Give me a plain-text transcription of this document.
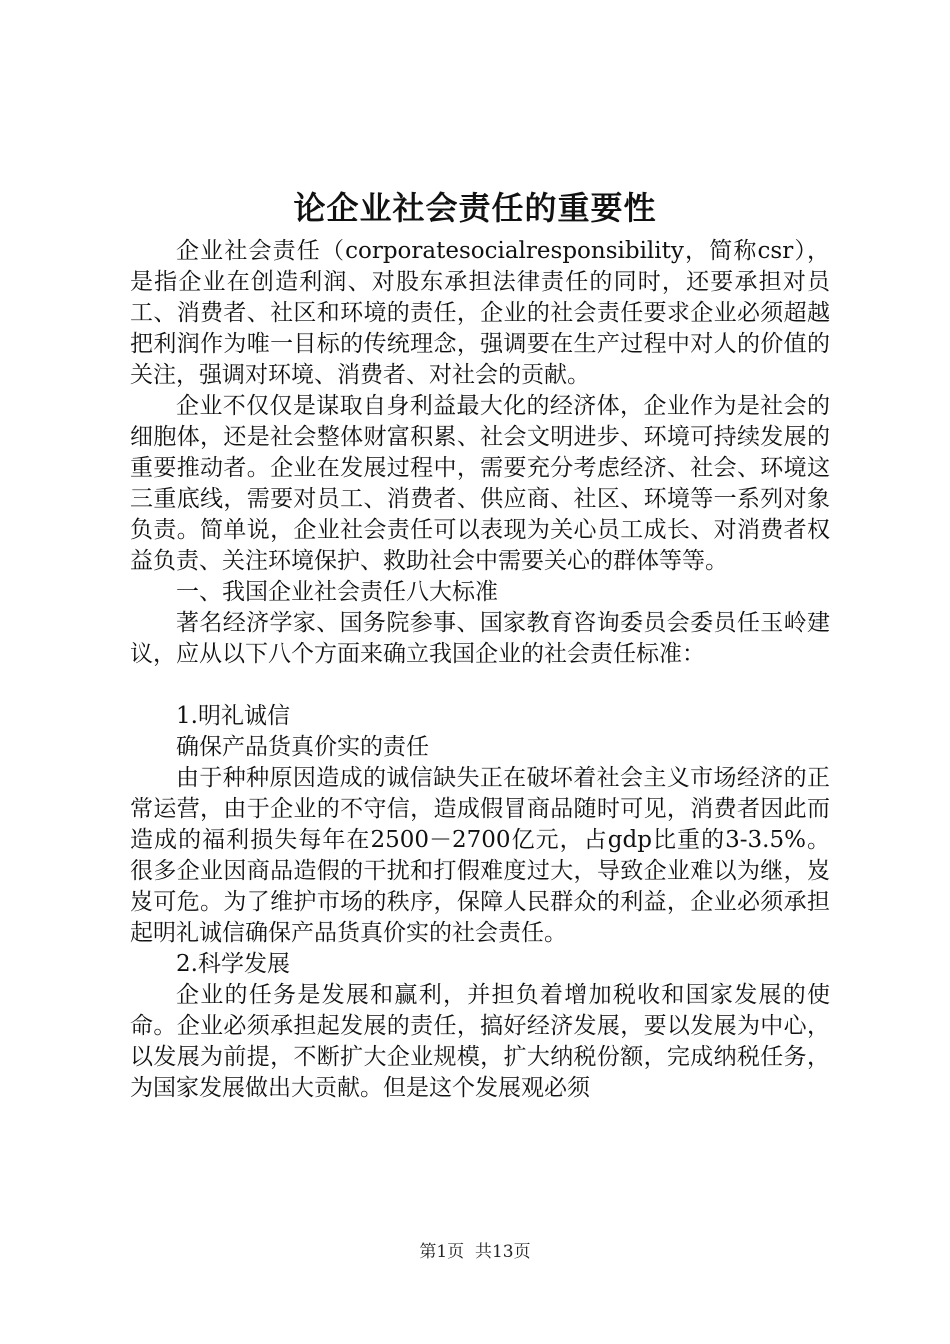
论企业社会责任的重要性

企业社会责任（corporatesocialresponsibility，简称csr），是指企业在创造利润、对股东承担法律责任的同时，还要承担对员工、消费者、社区和环境的责任，企业的社会责任要求企业必须超越把利润作为唯一目标的传统理念，强调要在生产过程中对人的价值的关注，强调对环境、消费者、对社会的贡献。

企业不仅仅是谋取自身利益最大化的经济体，企业作为是社会的细胞体，还是社会整体财富积累、社会文明进步、环境可持续发展的重要推动者。企业在发展过程中，需要充分考虑经济、社会、环境这三重底线，需要对员工、消费者、供应商、社区、环境等一系列对象负责。简单说，企业社会责任可以表现为关心员工成长、对消费者权益负责、关注环境保护、救助社会中需要关心的群体等等。

一、我国企业社会责任八大标准

著名经济学家、国务院参事、国家教育咨询委员会委员任玉岭建议，应从以下八个方面来确立我国企业的社会责任标准：

1.明礼诚信

确保产品货真价实的责任

由于种种原因造成的诚信缺失正在破坏着社会主义市场经济的正常运营，由于企业的不守信，造成假冒商品随时可见，消费者因此而造成的福利损失每年在2500－2700亿元，占gdp比重的3-3.5%。很多企业因商品造假的干扰和打假难度过大，导致企业难以为继，岌岌可危。为了维护市场的秩序，保障人民群众的利益，企业必须承担起明礼诚信确保产品货真价实的社会责任。

2.科学发展

企业的任务是发展和赢利，并担负着增加税收和国家发展的使命。企业必须承担起发展的责任，搞好经济发展，要以发展为中心，以发展为前提，不断扩大企业规模，扩大纳税份额，完成纳税任务，为国家发展做出大贡献。但是这个发展观必须

第1页  共13页
